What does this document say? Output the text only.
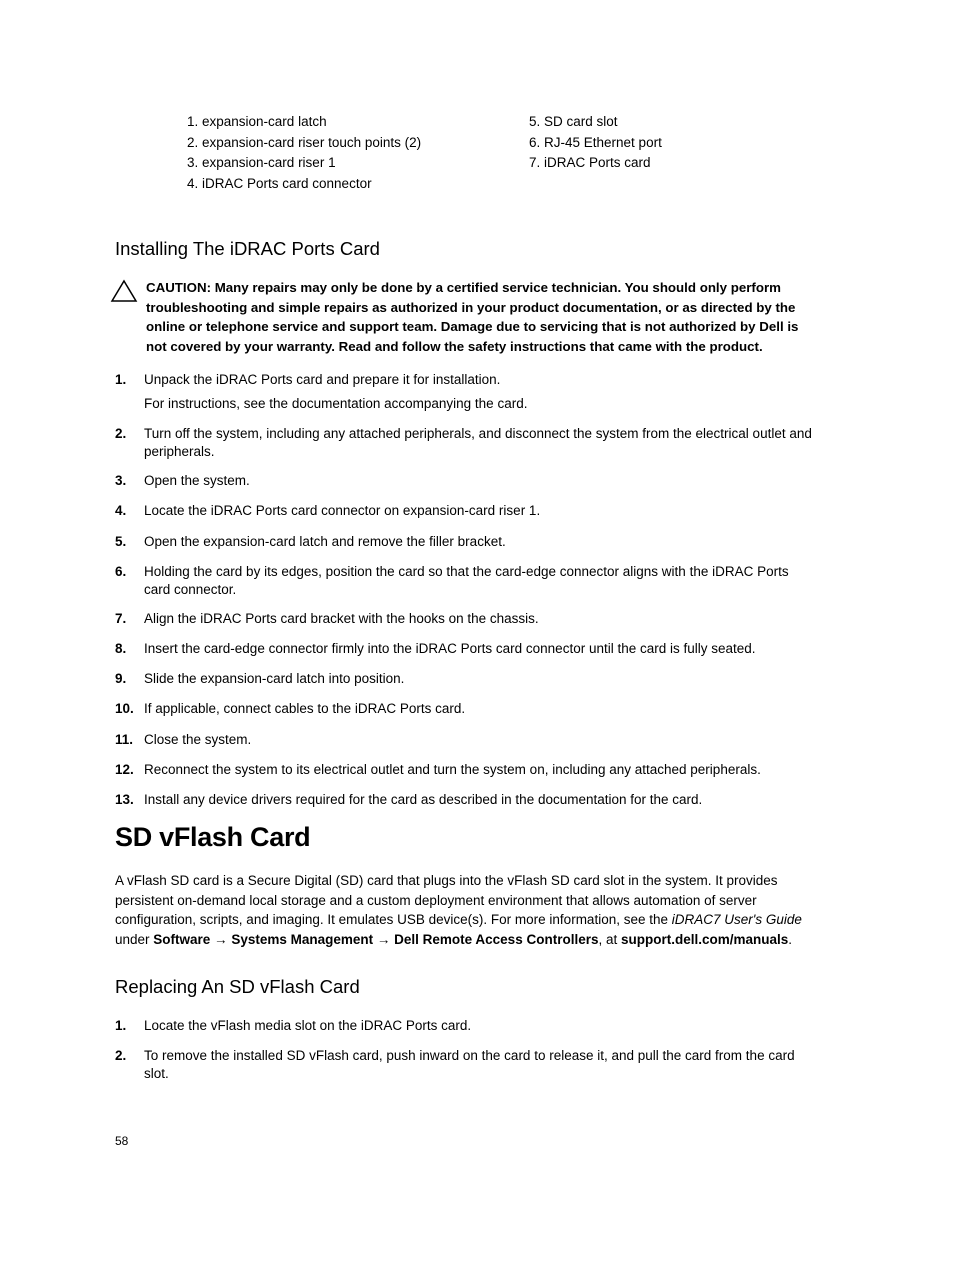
1. expansion-card latch
2. expansion-card riser touch points (2)
3. expansion-card riser 1
4. iDRAC Ports card connector
5. SD card slot
6. RJ-45 Ethernet port
7. iDRAC Ports card
Installing The iDRAC Ports Card
CAUTION: Many repairs may only be done by a certified service technician. You should only perform troubleshooting and simple repairs as authorized in your product documentation, or as directed by the online or telephone service and support team. Damage due to servicing that is not authorized by Dell is not covered by your warranty. Read and follow the safety instructions that came with the product.
1.	Unpack the iDRAC Ports card and prepare it for installation.
For instructions, see the documentation accompanying the card.
2.	Turn off the system, including any attached peripherals, and disconnect the system from the electrical outlet and peripherals.
3.	Open the system.
4.	Locate the iDRAC Ports card connector on expansion-card riser 1.
5.	Open the expansion-card latch and remove the filler bracket.
6.	Holding the card by its edges, position the card so that the card-edge connector aligns with the iDRAC Ports card connector.
7.	Align the iDRAC Ports card bracket with the hooks on the chassis.
8.	Insert the card-edge connector firmly into the iDRAC Ports card connector until the card is fully seated.
9.	Slide the expansion-card latch into position.
10. If applicable, connect cables to the iDRAC Ports card.
11. Close the system.
12. Reconnect the system to its electrical outlet and turn the system on, including any attached peripherals.
13. Install any device drivers required for the card as described in the documentation for the card.
SD vFlash Card
A vFlash SD card is a Secure Digital (SD) card that plugs into the vFlash SD card slot in the system. It provides persistent on-demand local storage and a custom deployment environment that allows automation of server configuration, scripts, and imaging. It emulates USB device(s). For more information, see the iDRAC7 User's Guide under Software → Systems Management → Dell Remote Access Controllers, at support.dell.com/manuals.
Replacing An SD vFlash Card
1.	Locate the vFlash media slot on the iDRAC Ports card.
2.	To remove the installed SD vFlash card, push inward on the card to release it, and pull the card from the card slot.
58
